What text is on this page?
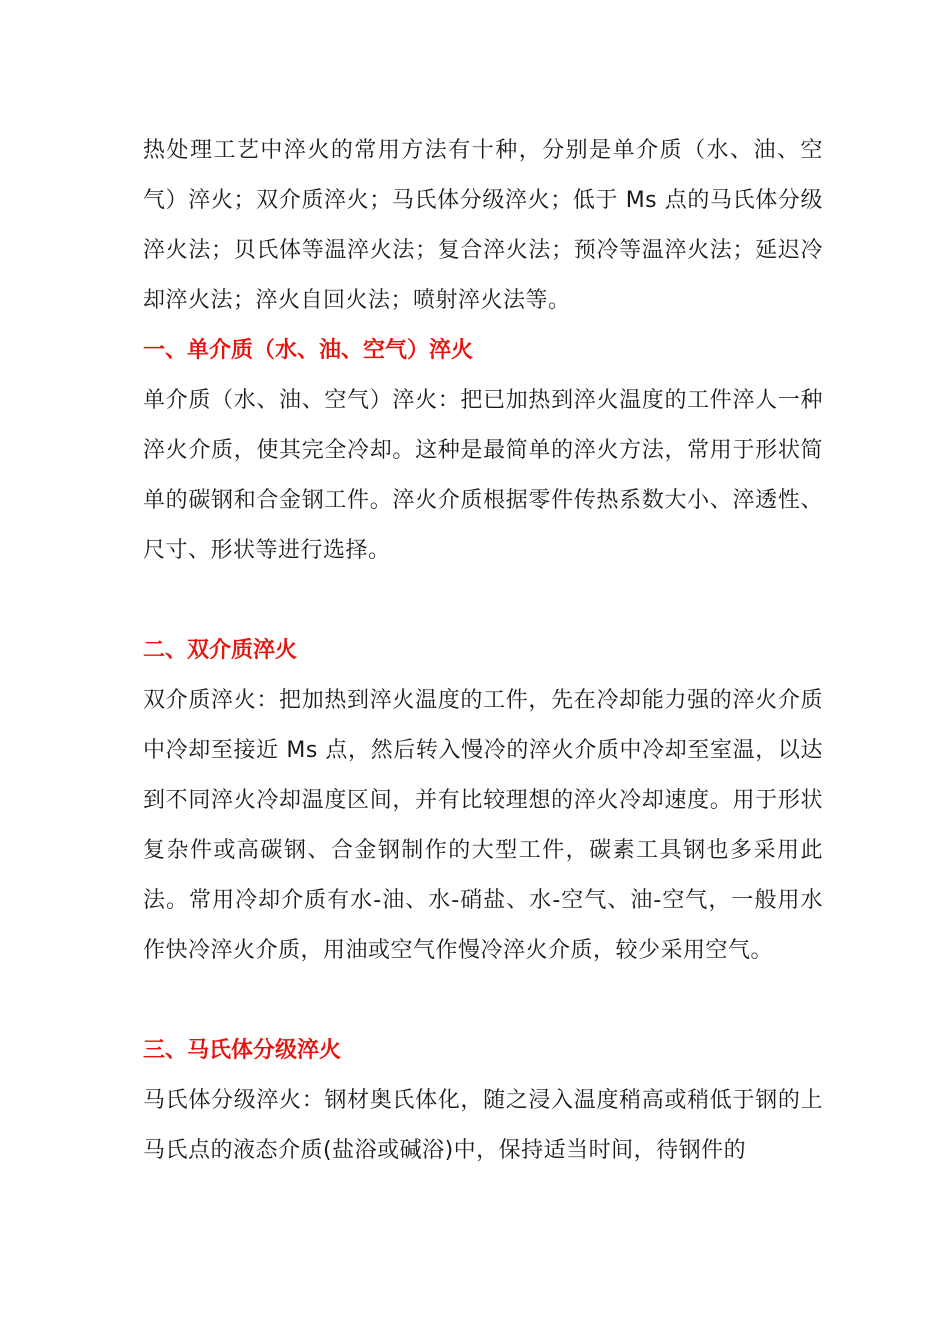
热处理工艺中淬火的常用方法有十种，分别是单介质（水、油、空气）淬火；双介质淬火；马氏体分级淬火；低于 Ms 点的马氏体分级淬火法；贝氏体等温淬火法；复合淬火法；预冷等温淬火法；延迟冷却淬火法；淬火自回火法；喷射淬火法等。

一、单介质（水、油、空气）淬火

单介质（水、油、空气）淬火：把已加热到淬火温度的工件淬人一种淬火介质，使其完全冷却。这种是最简单的淬火方法，常用于形状简单的碳钢和合金钢工件。淬火介质根据零件传热系数大小、淬透性、尺寸、形状等进行选择。

二、双介质淬火

双介质淬火：把加热到淬火温度的工件，先在冷却能力强的淬火介质中冷却至接近 Ms 点，然后转入慢冷的淬火介质中冷却至室温，以达到不同淬火冷却温度区间，并有比较理想的淬火冷却速度。用于形状复杂件或高碳钢、合金钢制作的大型工件，碳素工具钢也多采用此法。常用冷却介质有水-油、水-硝盐、水-空气、油-空气，一般用水作快冷淬火介质，用油或空气作慢冷淬火介质，较少采用空气。

三、马氏体分级淬火

马氏体分级淬火：钢材奥氏体化，随之浸入温度稍高或稍低于钢的上马氏点的液态介质(盐浴或碱浴)中，保持适当时间，待钢件的
